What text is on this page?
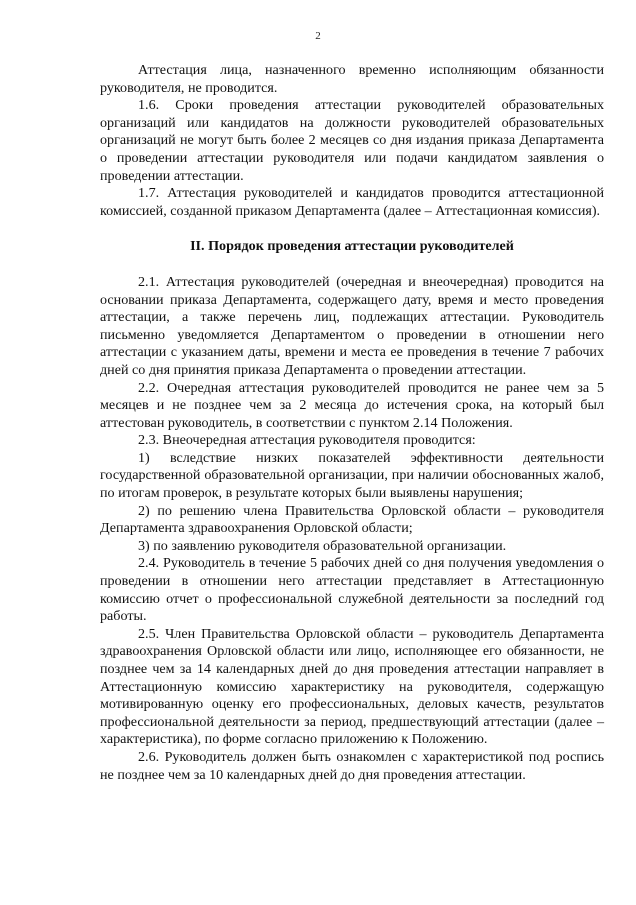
2

Аттестация лица, назначенного временно исполняющим обязанности руководителя, не проводится.

1.6. Сроки проведения аттестации руководителей образовательных организаций или кандидатов на должности руководителей образовательных организаций не могут быть более 2 месяцев со дня издания приказа Департамента о проведении аттестации руководителя или подачи кандидатом заявления о проведении аттестации.

1.7. Аттестация руководителей и кандидатов проводится аттестационной комиссией, созданной приказом Департамента (далее – Аттестационная комиссия).

II. Порядок проведения аттестации руководителей

2.1. Аттестация руководителей (очередная и внеочередная) проводится на основании приказа Департамента, содержащего дату, время и место проведения аттестации, а также перечень лиц, подлежащих аттестации. Руководитель письменно уведомляется Департаментом о проведении в отношении него аттестации с указанием даты, времени и места ее проведения в течение 7 рабочих дней со дня принятия приказа Департамента о проведении аттестации.

2.2. Очередная аттестация руководителей проводится не ранее чем за 5 месяцев и не позднее чем за 2 месяца до истечения срока, на который был аттестован руководитель, в соответствии с пунктом 2.14 Положения.

2.3. Внеочередная аттестация руководителя проводится:

1) вследствие низких показателей эффективности деятельности государственной образовательной организации, при наличии обоснованных жалоб, по итогам проверок, в результате которых были выявлены нарушения;

2) по решению члена Правительства Орловской области – руководителя Департамента здравоохранения Орловской области;

3) по заявлению руководителя образовательной организации.

2.4. Руководитель в течение 5 рабочих дней со дня получения уведомления о проведении в отношении него аттестации представляет в Аттестационную комиссию отчет о профессиональной служебной деятельности за последний год работы.

2.5. Член Правительства Орловской области – руководитель Департамента здравоохранения Орловской области или лицо, исполняющее его обязанности, не позднее чем за 14 календарных дней до дня проведения аттестации направляет в Аттестационную комиссию характеристику на руководителя, содержащую мотивированную оценку его профессиональных, деловых качеств, результатов профессиональной деятельности за период, предшествующий аттестации (далее – характеристика), по форме согласно приложению к Положению.

2.6. Руководитель должен быть ознакомлен с характеристикой под роспись не позднее чем за 10 календарных дней до дня проведения аттестации.
